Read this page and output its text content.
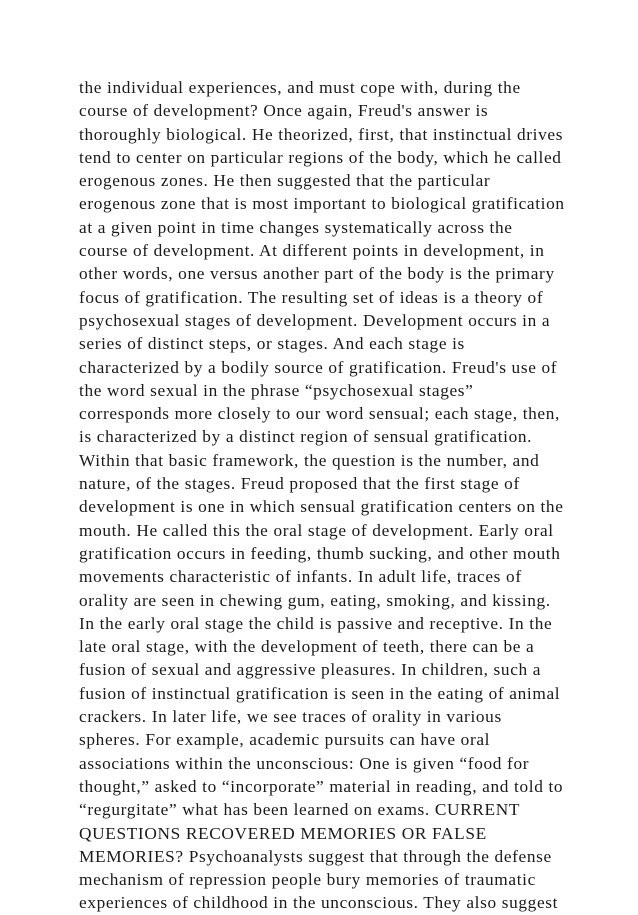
the individual experiences, and must cope with, during the
course of development? Once again, Freud's answer is
thoroughly biological. He theorized, first, that instinctual drives
tend to center on particular regions of the body, which he called
erogenous zones. He then suggested that the particular
erogenous zone that is most important to biological gratification
at a given point in time changes systematically across the
course of development. At different points in development, in
other words, one versus another part of the body is the primary
focus of gratification. The resulting set of ideas is a theory of
psychosexual stages of development. Development occurs in a
series of distinct steps, or stages. And each stage is
characterized by a bodily source of gratification. Freud's use of
the word sexual in the phrase “psychosexual stages”
corresponds more closely to our word sensual; each stage, then,
is characterized by a distinct region of sensual gratification.
Within that basic framework, the question is the number, and
nature, of the stages. Freud proposed that the first stage of
development is one in which sensual gratification centers on the
mouth. He called this the oral stage of development. Early oral
gratification occurs in feeding, thumb sucking, and other mouth
movements characteristic of infants. In adult life, traces of
orality are seen in chewing gum, eating, smoking, and kissing.
In the early oral stage the child is passive and receptive. In the
late oral stage, with the development of teeth, there can be a
fusion of sexual and aggressive pleasures. In children, such a
fusion of instinctual gratification is seen in the eating of animal
crackers. In later life, we see traces of orality in various
spheres. For example, academic pursuits can have oral
associations within the unconscious: One is given “food for
thought,” asked to “incorporate” material in reading, and told to
“regurgitate” what has been learned on exams. CURRENT
QUESTIONS RECOVERED MEMORIES OR FALSE
MEMORIES? Psychoanalysts suggest that through the defense
mechanism of repression people bury memories of traumatic
experiences of childhood in the unconscious. They also suggest
